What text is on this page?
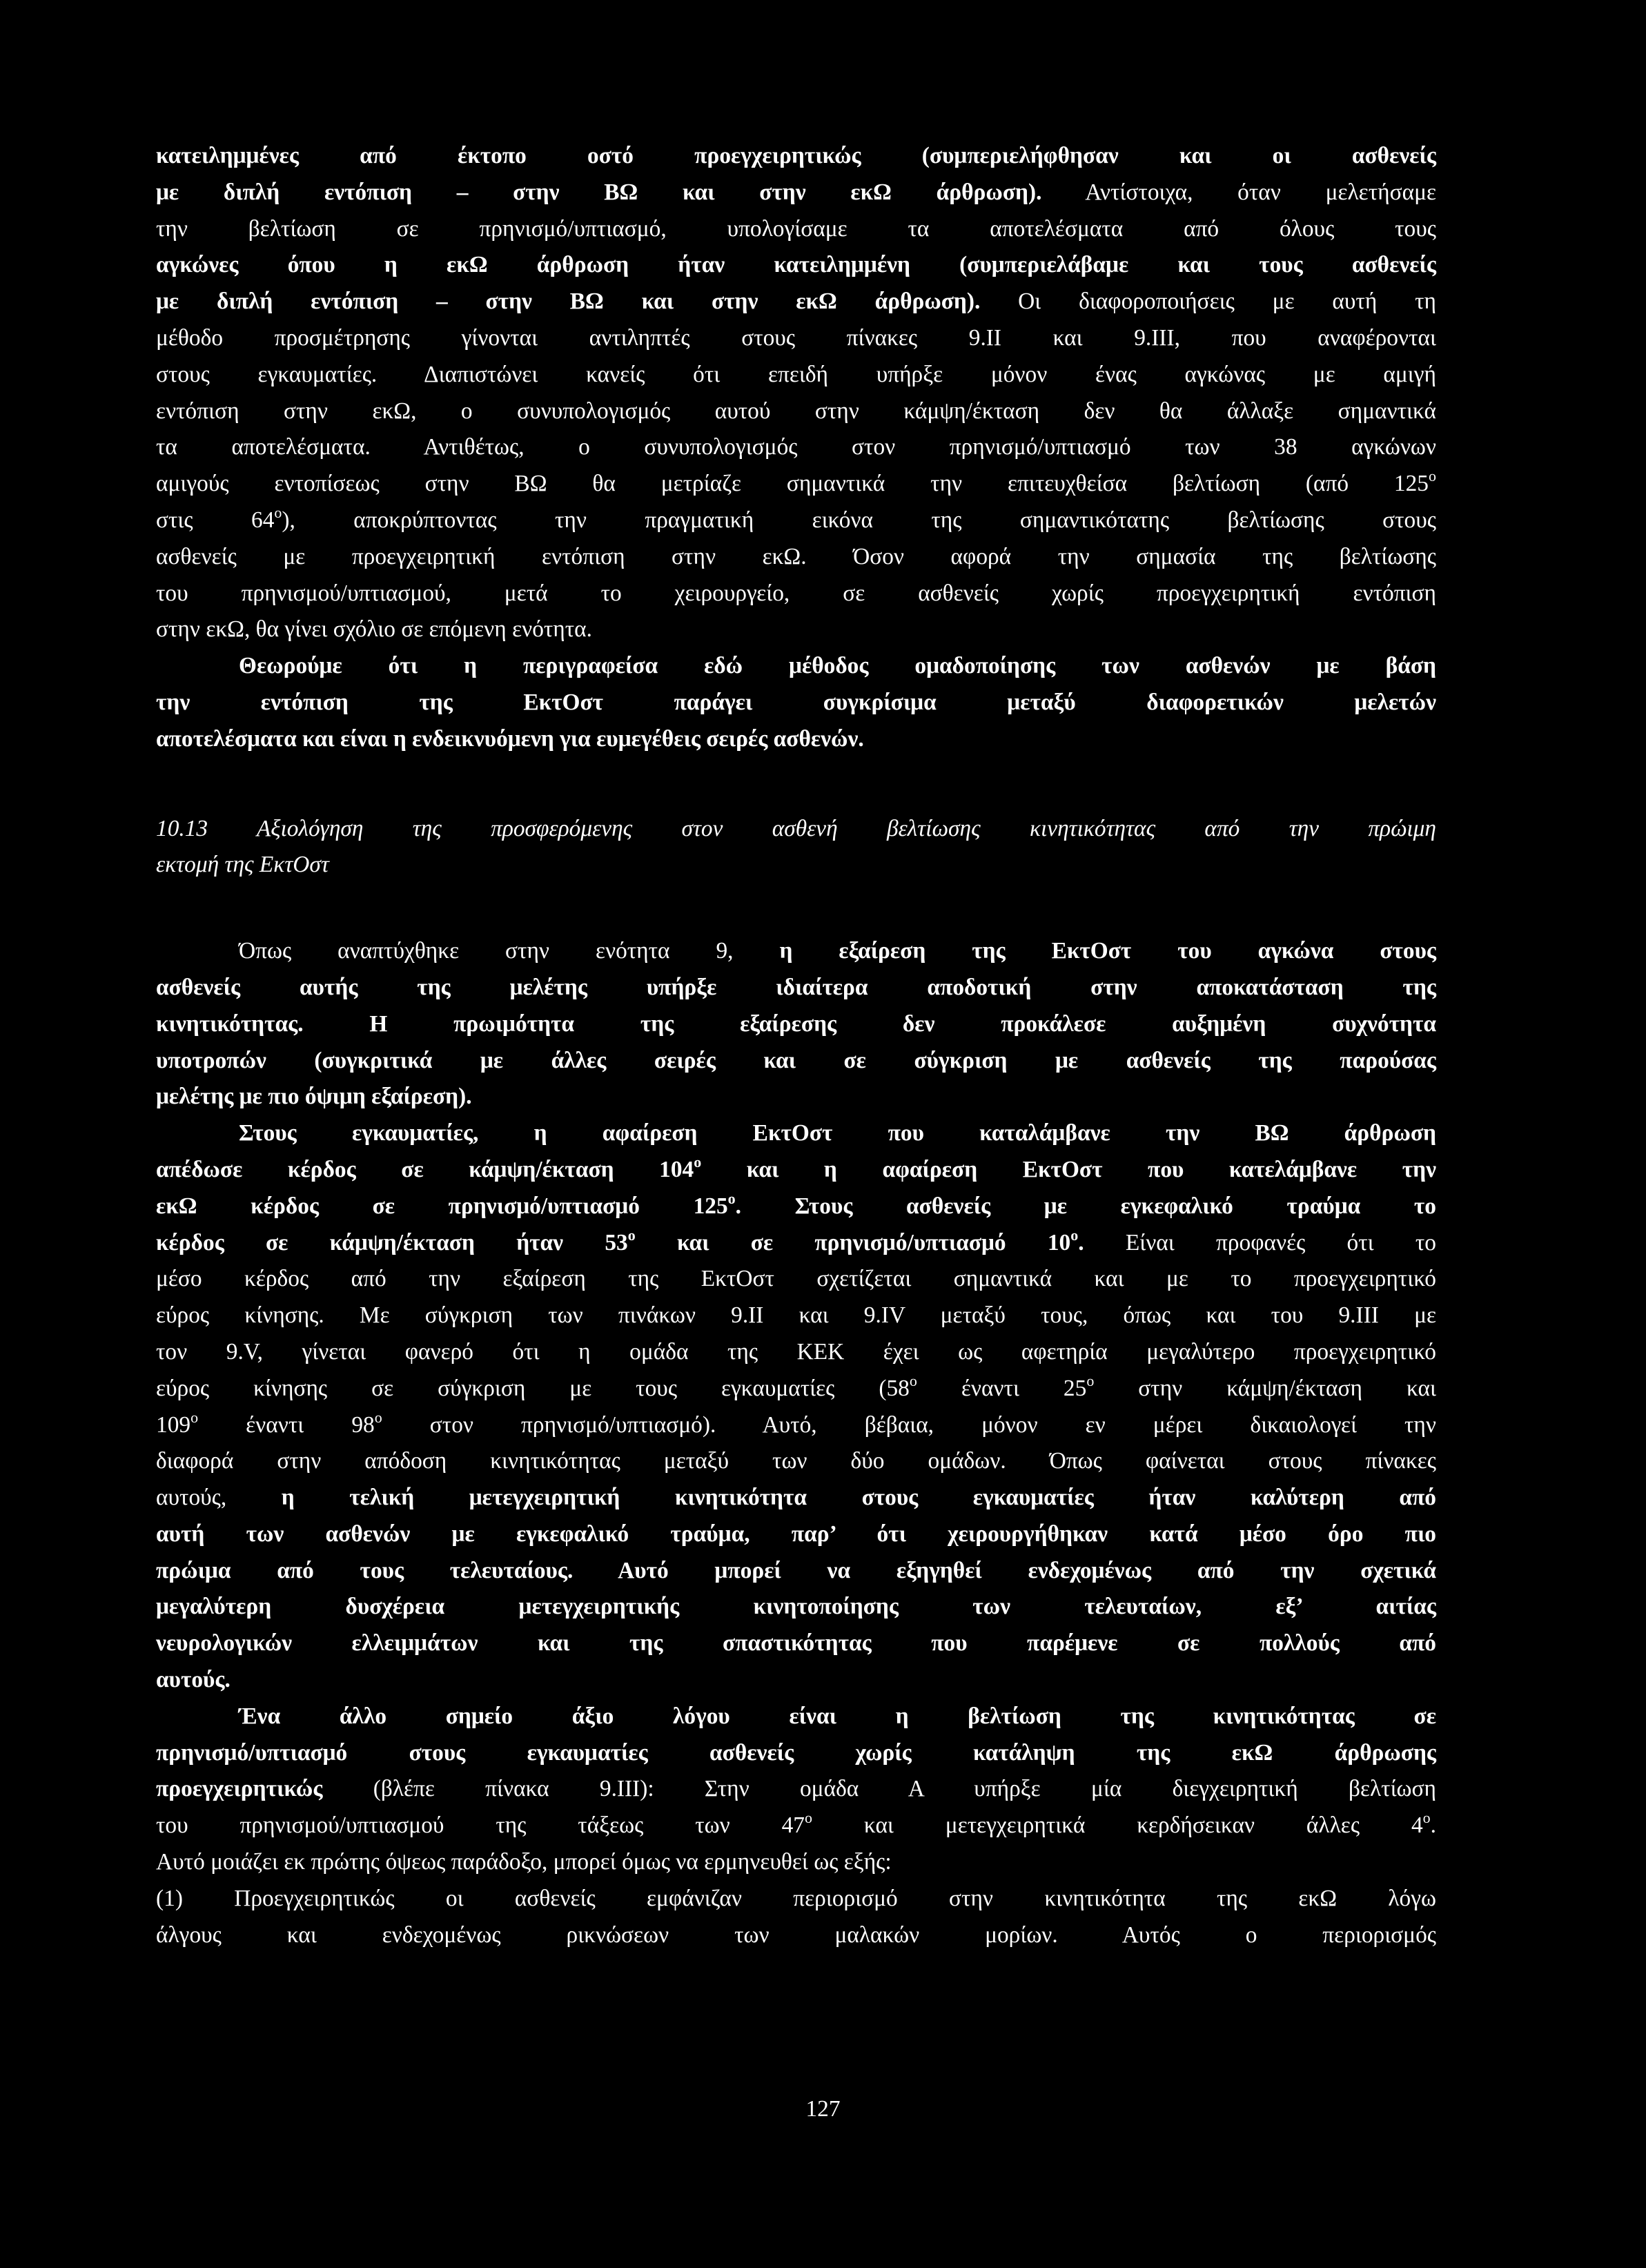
κατειλημμένες από έκτοπο οστό προεγχειρητικώς (συμπεριελήφθησαν και οι ασθενείς
με διπλή εντόπιση – στην ΒΩ και στην εκΩ άρθρωση). Αντίστοιχα, όταν μελετήσαμε
την βελτίωση σε πρηνισμό/υπτιασμό, υπολογίσαμε τα αποτελέσματα από όλους τους
αγκώνες όπου η εκΩ άρθρωση ήταν κατειλημμένη (συμπεριελάβαμε και τους ασθενείς
με διπλή εντόπιση – στην ΒΩ και στην εκΩ άρθρωση). Οι διαφοροποιήσεις με αυτή τη
μέθοδο προσμέτρησης γίνονται αντιληπτές στους πίνακες 9.ΙΙ και 9.ΙΙΙ, που αναφέρονται
στους εγκαυματίες. Διαπιστώνει κανείς ότι επειδή υπήρξε μόνον ένας αγκώνας με αμιγή
εντόπιση στην εκΩ, ο συνυπολογισμός αυτού στην κάμψη/έκταση δεν θα άλλαξε σημαντικά
τα αποτελέσματα. Αντιθέτως, ο συνυπολογισμός στον πρηνισμό/υπτιασμό των 38 αγκώνων
αμιγούς εντοπίσεως στην ΒΩ θα μετρίαζε σημαντικά την επιτευχθείσα βελτίωση (από $125^o$
στις $64^o$), αποκρύπτοντας την πραγματική εικόνα της σημαντικότατης βελτίωσης στους
ασθενείς με προεγχειρητική εντόπιση στην εκΩ. Όσον αφορά την σημασία της βελτίωσης
του πρηνισμού/υπτιασμού, μετά το χειρουργείο, σε ασθενείς χωρίς προεγχειρητική εντόπιση
στην εκΩ, θα γίνει σχόλιο σε επόμενη ενότητα.
Θεωρούμε ότι η περιγραφείσα εδώ μέθοδος ομαδοποίησης των ασθενών με βάση
την εντόπιση της ΕκτΟστ παράγει συγκρίσιμα μεταξύ διαφορετικών μελετών
αποτελέσματα και είναι η ενδεικνυόμενη για ευμεγέθεις σειρές ασθενών.
10.13 Αξιολόγηση της προσφερόμενης στον ασθενή βελτίωσης κινητικότητας από την πρώιμη
εκτομή της ΕκτΟστ
Όπως αναπτύχθηκε στην ενότητα 9, η εξαίρεση της ΕκτΟστ του αγκώνα στους
ασθενείς αυτής της μελέτης υπήρξε ιδιαίτερα αποδοτική στην αποκατάσταση της
κινητικότητας. Η πρωιμότητα της εξαίρεσης δεν προκάλεσε αυξημένη συχνότητα
υποτροπών (συγκριτικά με άλλες σειρές και σε σύγκριση με ασθενείς της παρούσας
μελέτης με πιο όψιμη εξαίρεση).
Στους εγκαυματίες, η αφαίρεση ΕκτΟστ που καταλάμβανε την ΒΩ άρθρωση
απέδωσε κέρδος σε κάμψη/έκταση $104^o$ και η αφαίρεση ΕκτΟστ που κατελάμβανε την
εκΩ κέρδος σε πρηνισμό/υπτιασμό $125^o$. Στους ασθενείς με εγκεφαλικό τραύμα το
κέρδος σε κάμψη/έκταση ήταν $53^o$ και σε πρηνισμό/υπτιασμό $10^o$. Είναι προφανές ότι το
μέσο κέρδος από την εξαίρεση της ΕκτΟστ σχετίζεται σημαντικά και με το προεγχειρητικό
εύρος κίνησης. Με σύγκριση των πινάκων 9.ΙΙ και 9.IV μεταξύ τους, όπως και του 9.ΙΙΙ με
τον 9.V, γίνεται φανερό ότι η ομάδα της ΚΕΚ έχει ως αφετηρία μεγαλύτερο προεγχειρητικό
εύρος κίνησης σε σύγκριση με τους εγκαυματίες ($58^o$ έναντι $25^o$ στην κάμψη/έκταση και
$109^o$ έναντι $98^o$ στον πρηνισμό/υπτιασμό). Αυτό, βέβαια, μόνον εν μέρει δικαιολογεί την
διαφορά στην απόδοση κινητικότητας μεταξύ των δύο ομάδων. Όπως φαίνεται στους πίνακες
αυτούς, η τελική μετεγχειρητική κινητικότητα στους εγκαυματίες ήταν καλύτερη από
αυτή των ασθενών με εγκεφαλικό τραύμα, παρ’ ότι χειρουργήθηκαν κατά μέσο όρο πιο
πρώιμα από τους τελευταίους. Αυτό μπορεί να εξηγηθεί ενδεχομένως από την σχετικά
μεγαλύτερη δυσχέρεια μετεγχειρητικής κινητοποίησης των τελευταίων, εξ’ αιτίας
νευρολογικών ελλειμμάτων και της σπαστικότητας που παρέμενε σε πολλούς από
αυτούς.
Ένα άλλο σημείο άξιο λόγου είναι η βελτίωση της κινητικότητας σε
πρηνισμό/υπτιασμό στους εγκαυματίες ασθενείς χωρίς κατάληψη της εκΩ άρθρωσης
προεγχειρητικώς (βλέπε πίνακα 9.ΙΙΙ): Στην ομάδα Α υπήρξε μία διεγχειρητική βελτίωση
του πρηνισμού/υπτιασμού της τάξεως των $47^o$ και μετεγχειρητικά κερδήσεικαν άλλες $4^o$.
Αυτό μοιάζει εκ πρώτης όψεως παράδοξο, μπορεί όμως να ερμηνευθεί ως εξής:
(1) Προεγχειρητικώς οι ασθενείς εμφάνιζαν περιορισμό στην κινητικότητα της εκΩ λόγω
άλγους και ενδεχομένως ρικνώσεων των μαλακών μορίων. Αυτός ο περιορισμός
127
